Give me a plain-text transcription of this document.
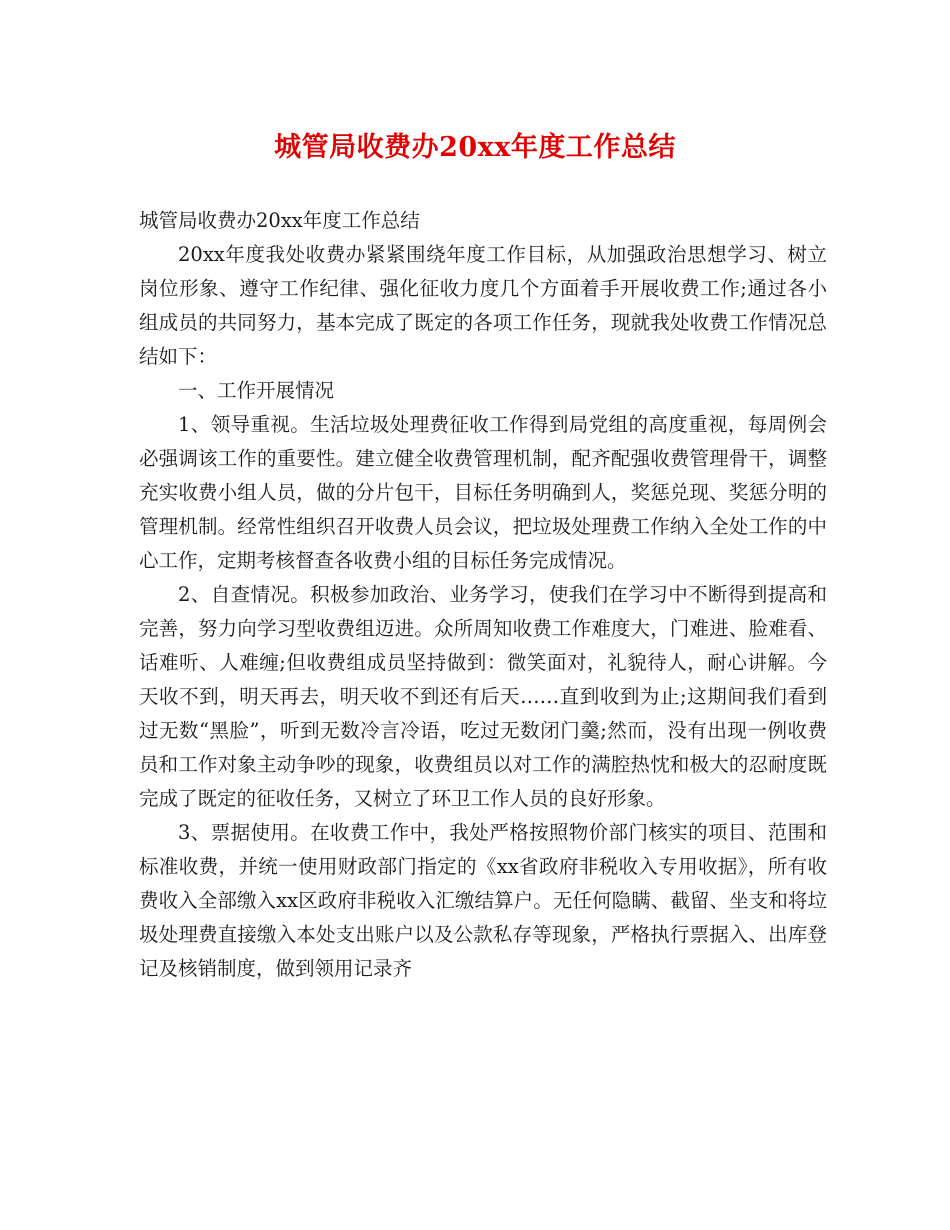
城管局收费办20xx年度工作总结

城管局收费办20xx年度工作总结

20xx年度我处收费办紧紧围绕年度工作目标，从加强政治思想学习、树立岗位形象、遵守工作纪律、强化征收力度几个方面着手开展收费工作;通过各小组成员的共同努力，基本完成了既定的各项工作任务，现就我处收费工作情况总结如下：

一、工作开展情况

1、领导重视。生活垃圾处理费征收工作得到局党组的高度重视，每周例会必强调该工作的重要性。建立健全收费管理机制，配齐配强收费管理骨干，调整充实收费小组人员，做的分片包干，目标任务明确到人，奖惩兑现、奖惩分明的管理机制。经常性组织召开收费人员会议，把垃圾处理费工作纳入全处工作的中心工作，定期考核督查各收费小组的目标任务完成情况。

2、自查情况。积极参加政治、业务学习，使我们在学习中不断得到提高和完善，努力向学习型收费组迈进。众所周知收费工作难度大，门难进、脸难看、话难听、人难缠;但收费组成员坚持做到：微笑面对，礼貌待人，耐心讲解。今天收不到，明天再去，明天收不到还有后天……直到收到为止;这期间我们看到过无数“黑脸”，听到无数冷言冷语，吃过无数闭门羹;然而，没有出现一例收费员和工作对象主动争吵的现象，收费组员以对工作的满腔热忱和极大的忍耐度既完成了既定的征收任务，又树立了环卫工作人员的良好形象。

3、票据使用。在收费工作中，我处严格按照物价部门核实的项目、范围和标准收费，并统一使用财政部门指定的《xx省政府非税收入专用收据》，所有收费收入全部缴入xx区政府非税收入汇缴结算户。无任何隐瞒、截留、坐支和将垃圾处理费直接缴入本处支出账户以及公款私存等现象，严格执行票据入、出库登记及核销制度，做到领用记录齐
